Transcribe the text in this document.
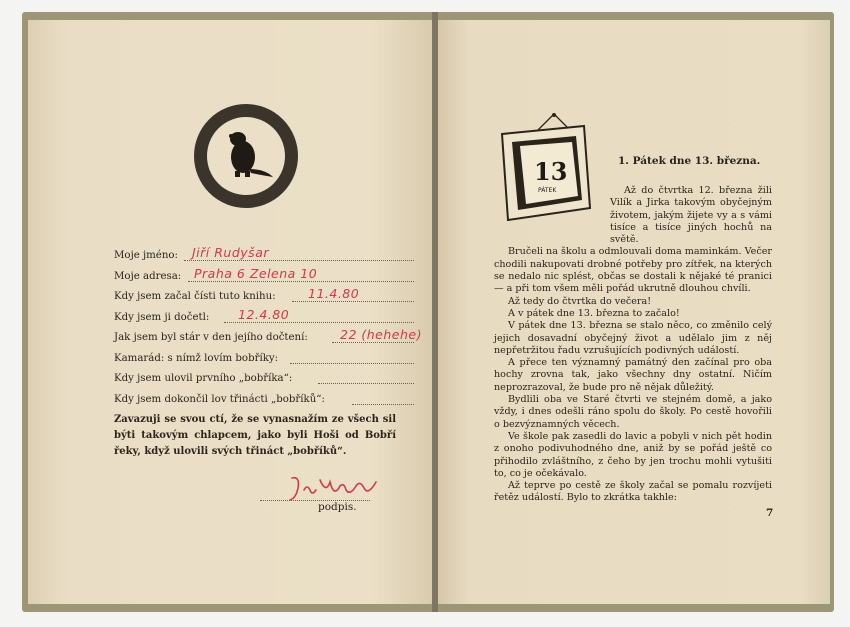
Moje jméno: Jiří Rudyšar
Moje adresa: Praha 6 Zelena 10
Kdy jsem začal čísti tuto knihu:	11.4.80
Kdy jsem ji dočetl: 12.4.80
Jak jsem byl stár v den jejího dočtení:	22 (hehehe)
Kamarád: s nímž lovím bobříky:
Kdy jsem ulovil prvního „bobříka“:
Kdy jsem dokončil lov třinácti „bobříků“:
Zavazuji se svou ctí, že se vynasnažím ze všech sil býti takovým chlapcem, jako byli Hoši od Bobří řeky, když ulovili svých třináct „bobříků“.
podpis.
13
PÁTEK
1. Pátek dne 13. března.

Až do čtvrtka 12. března žili Vilík a Jirka takovým obyčejným životem, jakým žijete vy a s vámi tisíce a tisíce jiných hochů na světě.

Bručeli na školu a odmlouvali doma maminkám. Večer chodili nakupovati drobné potřeby pro zítřek, na kterých se nedalo nic splést, občas se dostali k nějaké té pranici — a při tom všem měli pořád ukrutně dlouhou chvíli.

Až tedy do čtvrtka do večera!

A v pátek dne 13. března to začalo!

V pátek dne 13. března se stalo něco, co změnilo celý jejich dosavadní obyčejný život a udělalo jim z něj nepřetržitou řadu vzrušujících podivných událostí.

A přece ten významný památný den začínal pro oba hochy zrovna tak, jako všechny dny ostatní. Ničím neprozrazoval, že bude pro ně nějak důležitý.

Bydlili oba ve Staré čtvrti ve stejném domě, a jako vždy, i dnes odešli ráno spolu do školy. Po cestě hovořili o bezvýznamných věcech.

Ve škole pak zasedli do lavic a pobyli v nich pět hodin z onoho podivuhodného dne, aniž by se pořád ještě co přihodilo zvláštního, z čeho by jen trochu mohli vytušiti to, co je očekávalo.

Až teprve po cestě ze školy začal se pomalu rozvíjeti řetěz událostí. Bylo to zkrátka takhle:

7
